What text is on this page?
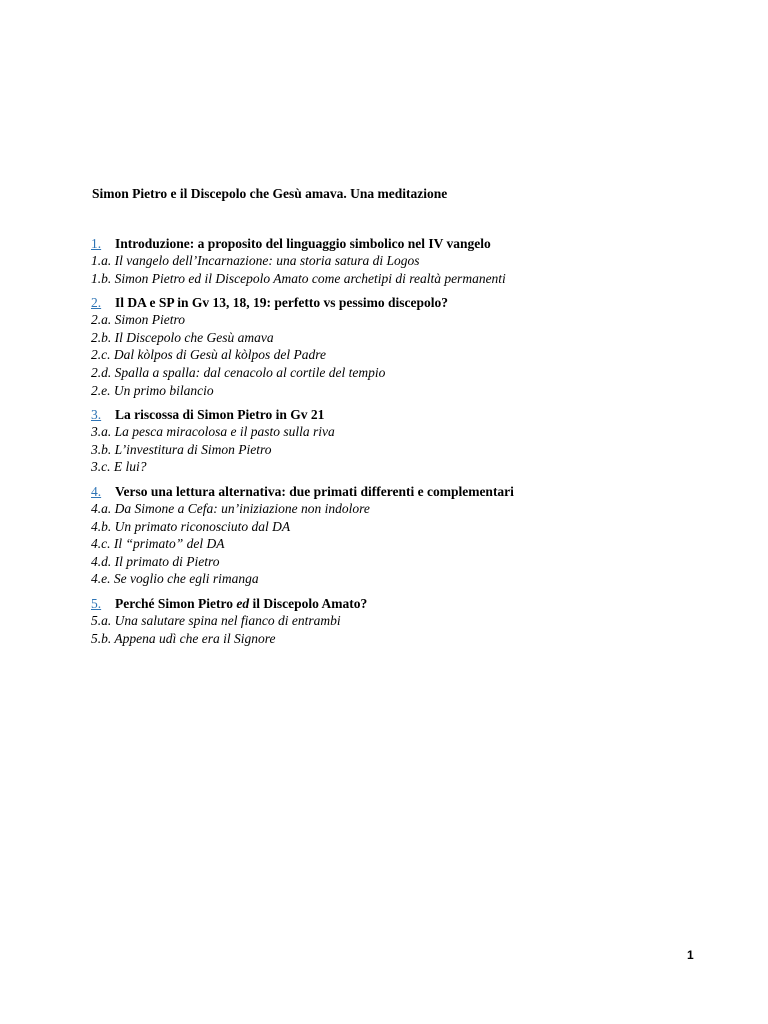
Simon Pietro e il Discepolo che Gesù amava. Una meditazione
1. Introduzione: a proposito del linguaggio simbolico nel IV vangelo
1.a. Il vangelo dell’Incarnazione: una storia satura di Logos
1.b. Simon Pietro ed il Discepolo Amato come archetipi di realtà permanenti
2. Il DA e SP in Gv 13, 18, 19: perfetto vs pessimo discepolo?
2.a. Simon Pietro
2.b. Il Discepolo che Gesù amava
2.c. Dal kòlpos di Gesù al kòlpos del Padre
2.d. Spalla a spalla: dal cenacolo al cortile del tempio
2.e. Un primo bilancio
3. La riscossa di Simon Pietro in Gv 21
3.a. La pesca miracolosa e il pasto sulla riva
3.b. L’investitura di Simon Pietro
3.c. E lui?
4. Verso una lettura alternativa: due primati differenti e complementari
4.a. Da Simone a Cefa: un’iniziazione non indolore
4.b. Un primato riconosciuto dal DA
4.c. Il “primato” del DA
4.d. Il primato di Pietro
4.e. Se voglio che egli rimanga
5. Perché Simon Pietro ed il Discepolo Amato?
5.a. Una salutare spina nel fianco di entrambi
5.b. Appena udì che era il Signore
1
